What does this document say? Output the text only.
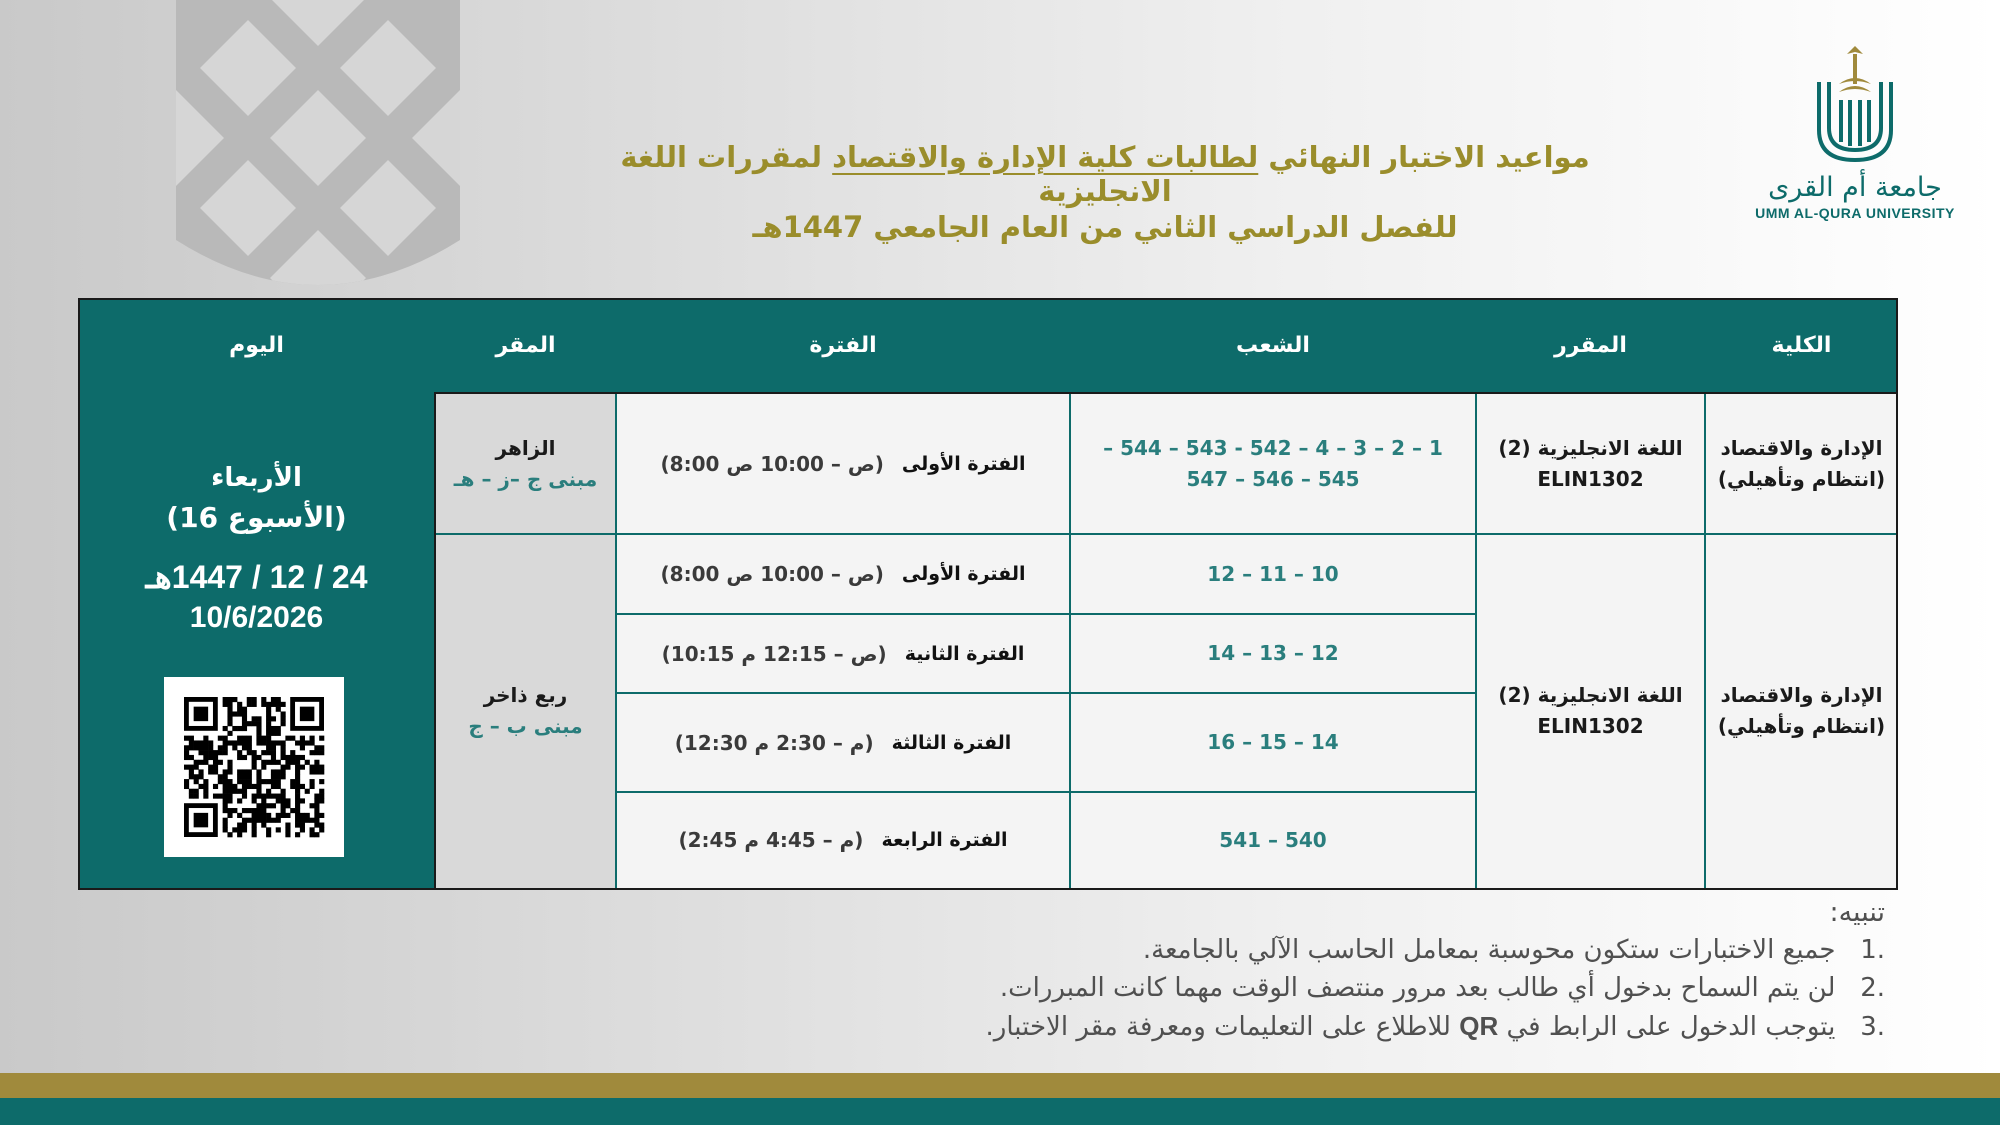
جامعة أم القرى
UMM AL-QURA UNIVERSITY
مواعيد الاختبار النهائي لطالبات كلية الإدارة والاقتصاد لمقررات اللغة الانجليزية
للفصل الدراسي الثاني من العام الجامعي 1447هـ
الكلية
المقرر
الشعب
الفترة
المقر
اليوم
الإدارة والاقتصاد
(انتظام وتأهيلي)
الإدارة والاقتصاد
(انتظام وتأهيلي)
اللغة الانجليزية (2)
ELIN1302
اللغة الانجليزية (2)
ELIN1302
1 – 2 – 3 – 4 – 542 - 543 – 544 –
545 – 546 – 547
10 – 11 – 12
12 – 13 – 14
14 – 15 – 16
540 – 541
الفترة الأولى
(8:00 ص – 10:00 ص)
الفترة الأولى
(8:00 ص – 10:00 ص)
الفترة الثانية
(10:15 ص – 12:15 م)
الفترة الثالثة
(12:30 م – 2:30 م)
الفترة الرابعة
(2:45 م – 4:45 م)
الزاهر
مبنى ج –ز – هـ
ربع ذاخر
مبنى ب – ج
الأربعاء
(الأسبوع 16)
24 / 12 / 1447هـ
10/6/2026
تنبيه:
.1   جميع الاختبارات ستكون محوسبة بمعامل الحاسب الآلي بالجامعة.
.2   لن يتم السماح بدخول أي طالب بعد مرور منتصف الوقت مهما كانت المبررات.
.3   يتوجب الدخول على الرابط في QR للاطلاع على التعليمات ومعرفة مقر الاختبار.
